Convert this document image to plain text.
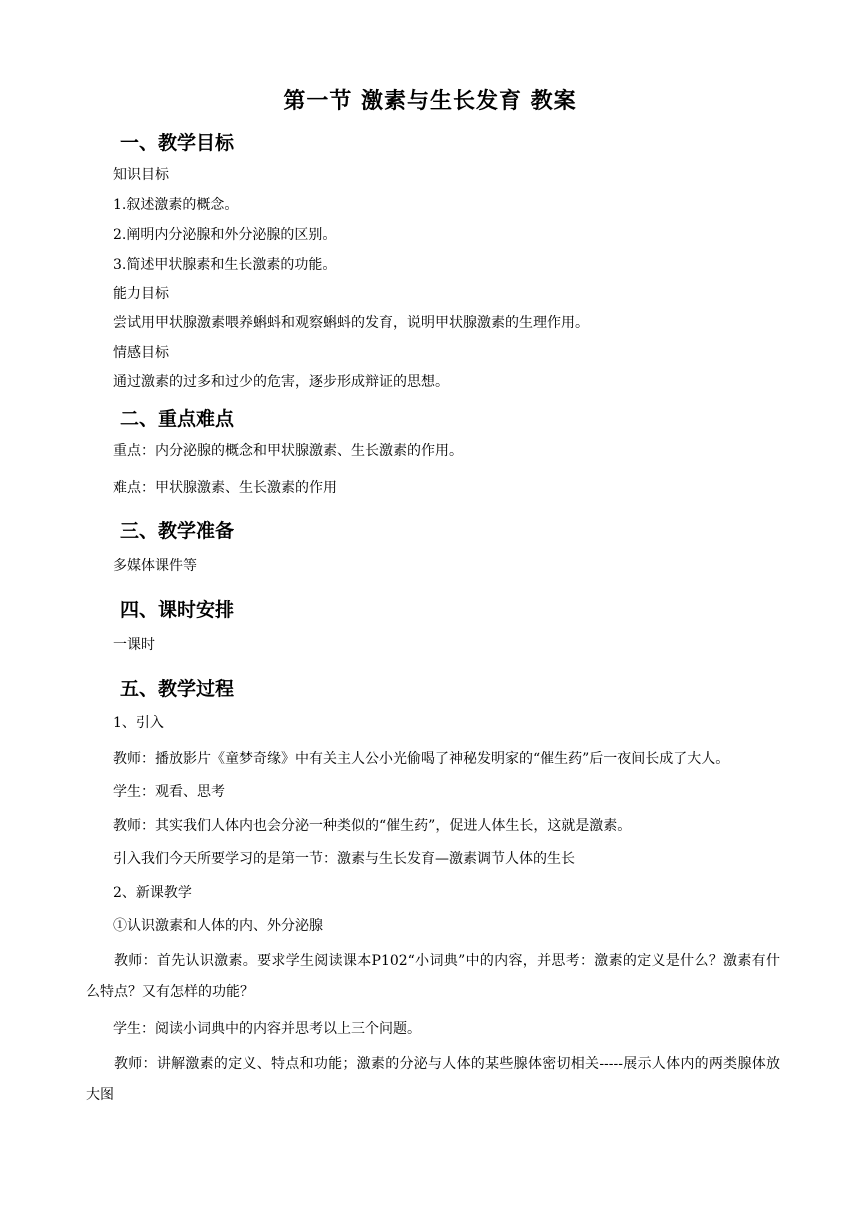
第一节 激素与生长发育 教案
一、教学目标
知识目标
1.叙述激素的概念。
2.阐明内分泌腺和外分泌腺的区别。
3.简述甲状腺素和生长激素的功能。
能力目标
尝试用甲状腺激素喂养蝌蚪和观察蝌蚪的发育，说明甲状腺激素的生理作用。
情感目标
通过激素的过多和过少的危害，逐步形成辩证的思想。
二、重点难点
重点：内分泌腺的概念和甲状腺激素、生长激素的作用。
难点：甲状腺激素、生长激素的作用
三、教学准备
多媒体课件等
四、课时安排
一课时
五、教学过程
1、引入
教师：播放影片《童梦奇缘》中有关主人公小光偷喝了神秘发明家的“催生药”后一夜间长成了大人。
学生：观看、思考
教师：其实我们人体内也会分泌一种类似的“催生药”，促进人体生长，这就是激素。
引入我们今天所要学习的是第一节：激素与生长发育—激素调节人体的生长
2、新课教学
①认识激素和人体的内、外分泌腺
教师：首先认识激素。要求学生阅读课本P102“小词典”中的内容，并思考：激素的定义是什么？激素有什么特点？又有怎样的功能？
学生：阅读小词典中的内容并思考以上三个问题。
教师：讲解激素的定义、特点和功能；激素的分泌与人体的某些腺体密切相关-----展示人体内的两类腺体放大图
